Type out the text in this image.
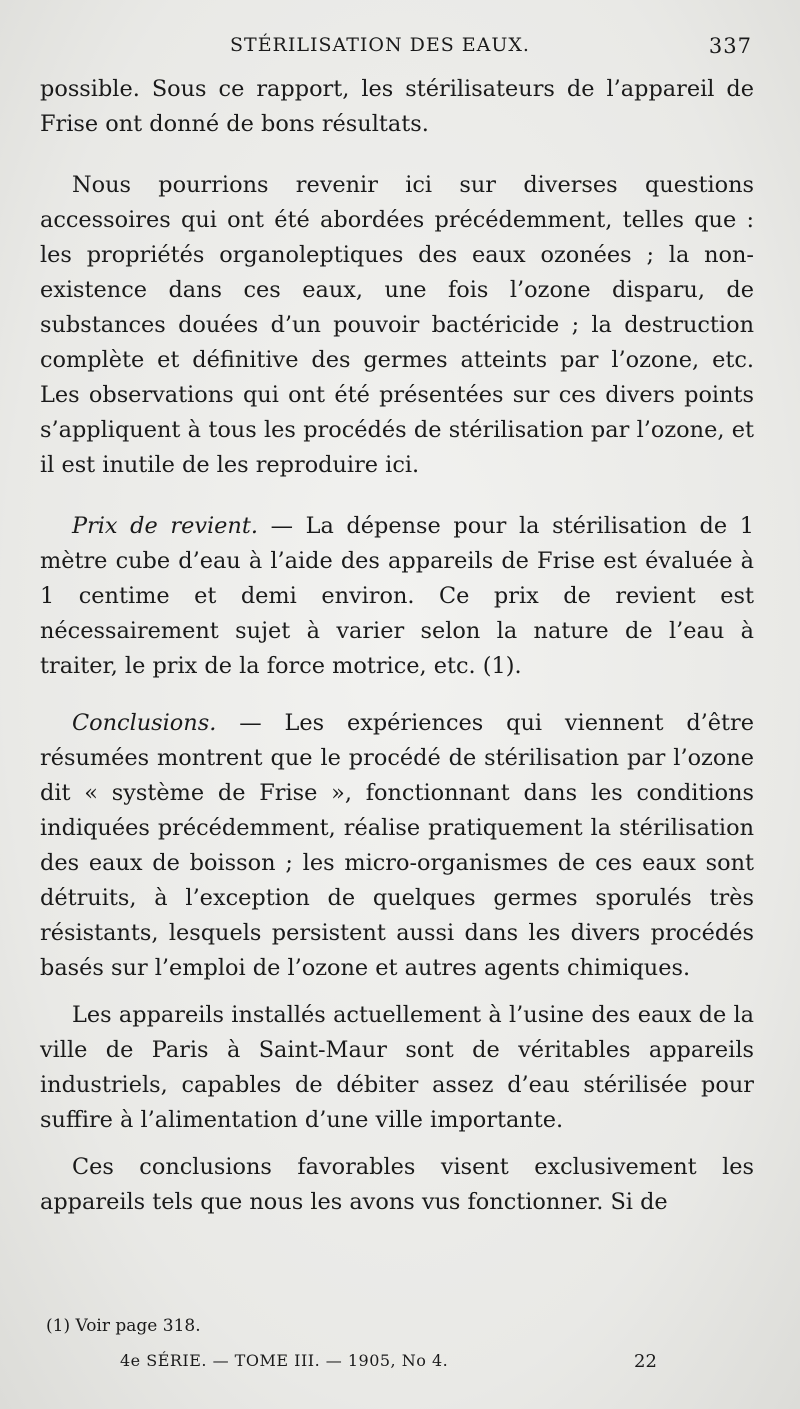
STÉRILISATION DES EAUX.	337

possible. Sous ce rapport, les stérilisateurs de l’appareil de Frise ont donné de bons résultats.

Nous pourrions revenir ici sur diverses questions accessoires qui ont été abordées précédemment, telles que : les propriétés organoleptiques des eaux ozonées ; la non-existence dans ces eaux, une fois l’ozone disparu, de substances douées d’un pouvoir bactéricide ; la destruction complète et définitive des germes atteints par l’ozone, etc. Les observations qui ont été présentées sur ces divers points s’appliquent à tous les procédés de stérilisation par l’ozone, et il est inutile de les reproduire ici.

Prix de revient. — La dépense pour la stérilisation de 1 mètre cube d’eau à l’aide des appareils de Frise est évaluée à 1 centime et demi environ. Ce prix de revient est nécessairement sujet à varier selon la nature de l’eau à traiter, le prix de la force motrice, etc. (1).

Conclusions. — Les expériences qui viennent d’être résumées montrent que le procédé de stérilisation par l’ozone dit « système de Frise », fonctionnant dans les conditions indiquées précédemment, réalise pratiquement la stérilisation des eaux de boisson ; les micro-organismes de ces eaux sont détruits, à l’exception de quelques germes sporulés très résistants, lesquels persistent aussi dans les divers procédés basés sur l’emploi de l’ozone et autres agents chimiques.

Les appareils installés actuellement à l’usine des eaux de la ville de Paris à Saint-Maur sont de véritables appareils industriels, capables de débiter assez d’eau stérilisée pour suffire à l’alimentation d’une ville importante.

Ces conclusions favorables visent exclusivement les appareils tels que nous les avons vus fonctionner. Si de

(1) Voir page 318.
4e SÉRIE. — TOME III. — 1905, No 4.	22
